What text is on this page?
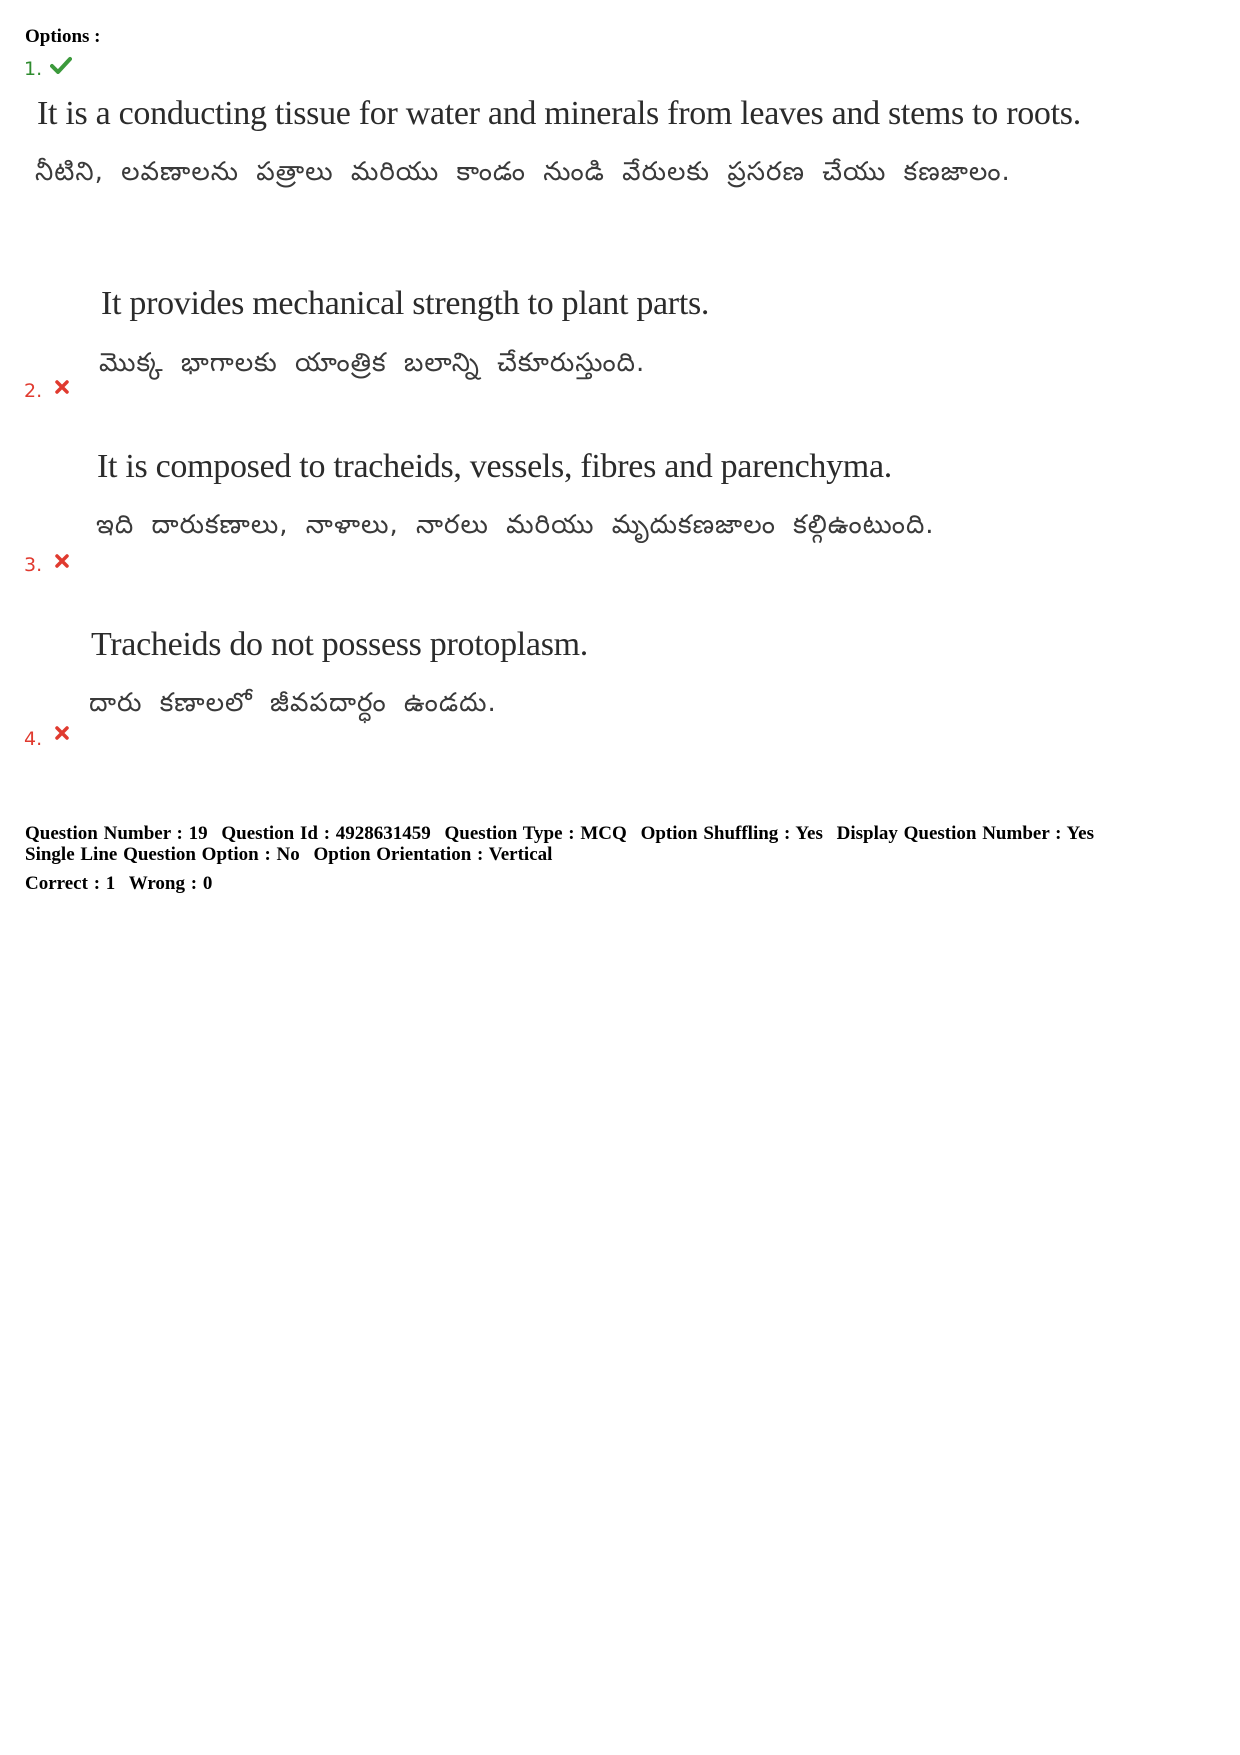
Options :
1.
It is a conducting tissue for water and minerals from leaves and stems to roots.
నీటిని, లవణాలను పత్రాలు మరియు కాండం నుండి వేరులకు ప్రసరణ చేయు కణజాలం.
It provides mechanical strength to plant parts.
మొక్క భాగాలకు యాంత్రిక బలాన్ని చేకూరుస్తుంది.
2.
It is composed to tracheids, vessels, fibres and parenchyma.
ఇది దారుకణాలు, నాళాలు, నారలు మరియు మృదుకణజాలం కల్గిఉంటుంది.
3.
Tracheids do not possess protoplasm.
దారు కణాలలో జీవపదార్ధం ఉండదు.
4.
Question Number : 19 Question Id : 4928631459 Question Type : MCQ Option Shuffling : Yes Display Question Number : Yes
Single Line Question Option : No Option Orientation : Vertical
Correct : 1 Wrong : 0
